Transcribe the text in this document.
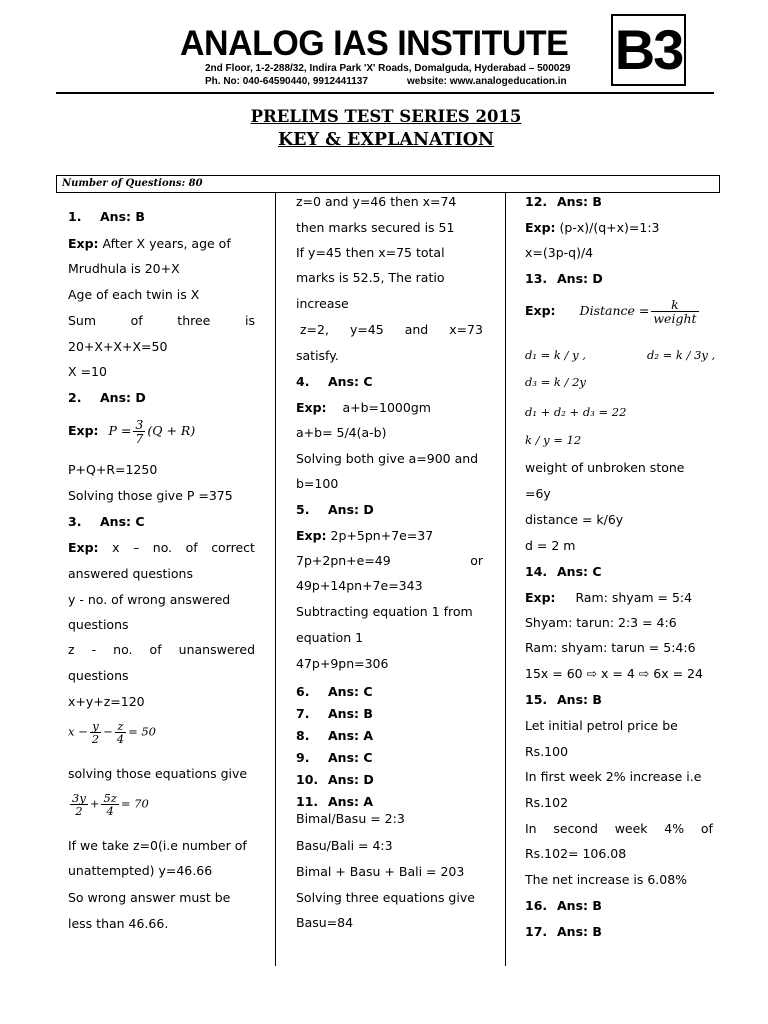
ANALOG IAS INSTITUTE
2nd Floor, 1-2-288/32, Indira Park 'X' Roads, Domalguda, Hyderabad – 500029
Ph. No: 040-64590440, 9912441137	website: www.analogeducation.in
B3
PRELIMS TEST SERIES 2015
KEY & EXPLANATION
Number of Questions: 80
1. Ans: B
Exp: After X years, age of
Mrudhula is 20+X
Age of each twin is X
Sum	of	three	is
20+X+X+X=50
X =10
2. Ans: D
Exp: $P = \frac{3}{7} (Q + R)$
P+Q+R=1250
Solving those give P =375
3. Ans: C
Exp: x – no. of correct
answered questions
y - no. of wrong answered
questions
z - no. of unanswered
questions
x+y+z=120
$x - \frac{y}{2} - \frac{z}{4} = 50$
solving those equations give
$\frac{3y}{2} + \frac{5z}{4} = 70$
If we take z=0(i.e number of
unattempted) y=46.66
So wrong answer must be
less than 46.66.
z=0 and y=46 then x=74
then marks secured is 51
If y=45 then x=75 total
marks is 52.5, The ratio
increase
z=2, y=45 and x=73
satisfy.
4. Ans: C
Exp: a+b=1000gm
a+b= 5/4(a-b)
Solving both give a=900 and
b=100
5. Ans: D
Exp: 2p+5pn+7e=37
7p+2pn+e=49	or
49p+14pn+7e=343
Subtracting equation 1 from
equation 1
47p+9pn=306
6. Ans: C
7. Ans: B
8. Ans: A
9. Ans: C
10. Ans: D
11. Ans: A
Bimal/Basu = 2:3
Basu/Bali = 4:3
Bimal + Basu + Bali = 203
Solving three equations give
Basu=84
12. Ans: B
Exp: (p-x)/(q+x)=1:3
x=(3p-q)/4
13. Ans: D
Exp: Distance = $\frac{k}{\text{weight}}$
d₁ = k / y ,	d₂ = k / 3y ,
d₃ = k / 2y
d₁ + d₂ + d₃ = 22
k / y = 12
weight of unbroken stone
=6y
distance = k/6y
d = 2 m
14. Ans: C
Exp: Ram: shyam = 5:4
Shyam: tarun: 2:3 = 4:6
Ram: shyam: tarun = 5:4:6
15x = 60 ⇨ x = 4 ⇨ 6x = 24
15. Ans: B
Let initial petrol price be
Rs.100
In first week 2% increase i.e
Rs.102
In second week 4% of
Rs.102= 106.08
The net increase is 6.08%
16. Ans: B
17. Ans: B
